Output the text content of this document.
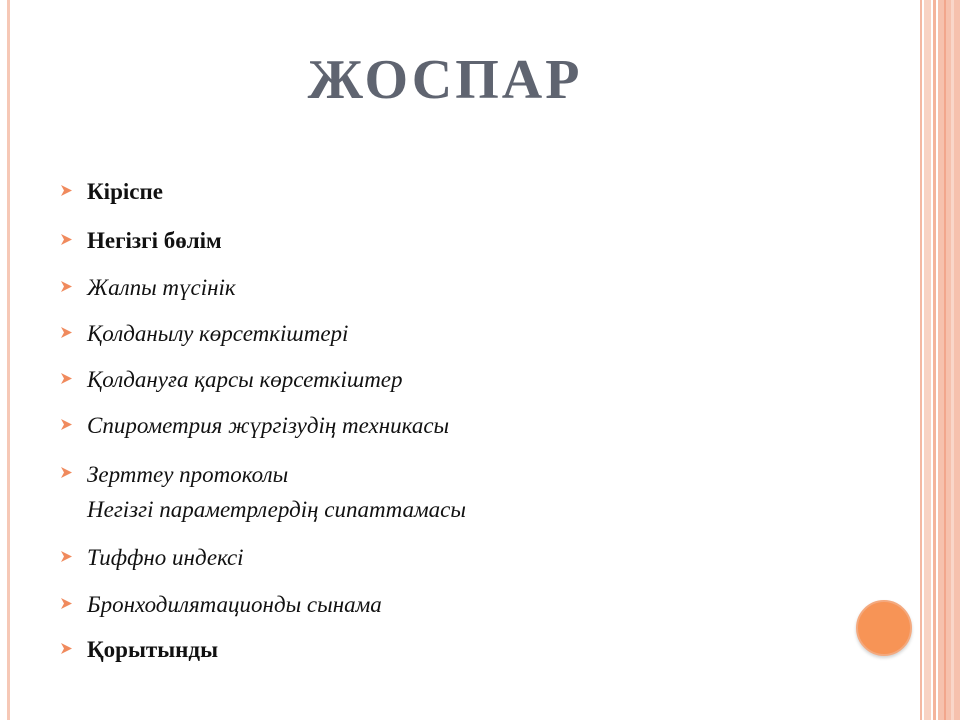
ЖОСПАР
Кіріспе
Негізгі бөлім
Жалпы түсінік
Қолданылу көрсеткіштері
Қолдануға қарсы көрсеткіштер
Спирометрия жүргізудің техникасы
Зерттеу протоколы
Негізгі параметрлердің сипаттамасы
Тиффно индексі
Бронходилятационды сынама
Қорытынды
